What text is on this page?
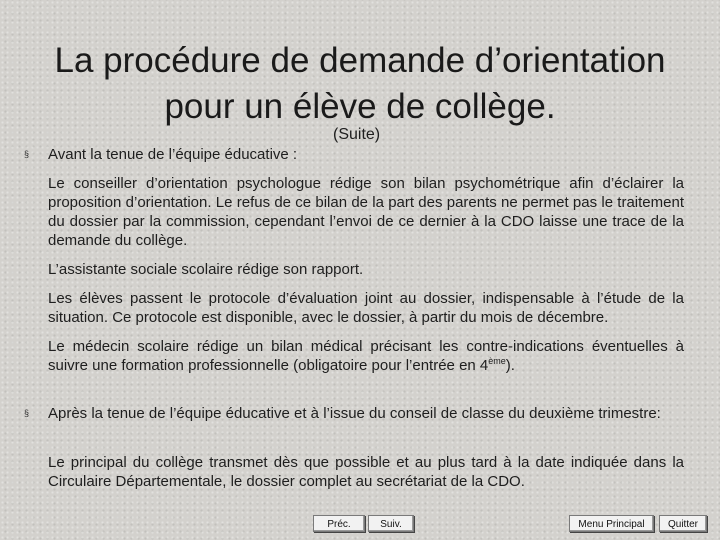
La procédure de demande d’orientation
pour un élève de collège.
(Suite)
§ Avant la tenue de l’équipe éducative :

Le conseiller d’orientation psychologue rédige son bilan psychométrique afin d’éclairer la proposition d’orientation. Le refus de ce bilan de la part des parents ne permet pas le traitement du dossier par la commission, cependant l’envoi de ce dernier à la CDO laisse une trace de la demande du collège.

L’assistante sociale scolaire rédige son rapport.

Les élèves passent le protocole d’évaluation joint au dossier, indispensable à l’étude de la situation. Ce protocole est disponible, avec le dossier, à partir du mois de décembre.

Le médecin scolaire rédige un bilan médical précisant les contre-indications éventuelles à suivre une formation professionnelle (obligatoire pour l’entrée en 4ème).

§ Après la tenue de l’équipe éducative et à l’issue du conseil de classe du deuxième trimestre:

Le principal du collège transmet dès que possible et au plus tard à la date indiquée dans la Circulaire Départementale, le dossier complet au secrétariat de la CDO.

Préc.	Suiv.	Menu Principal	Quitter
